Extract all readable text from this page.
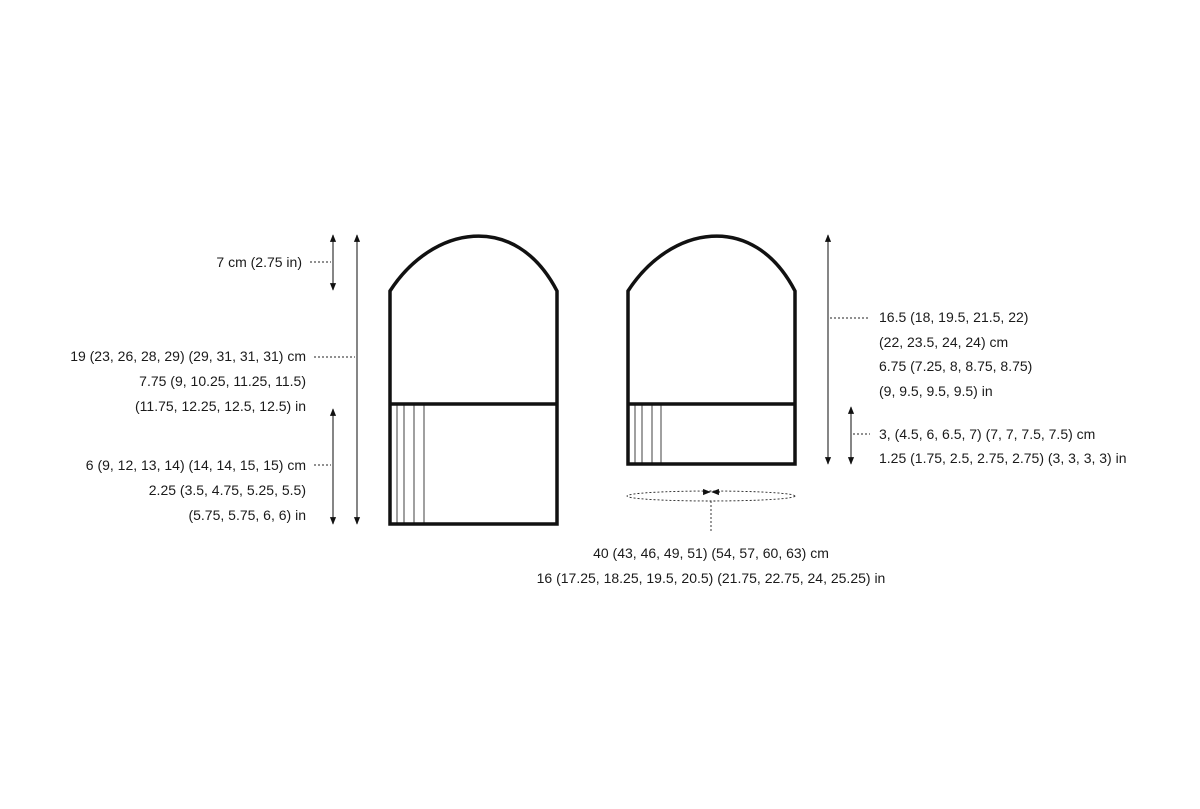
7 cm (2.75 in)
19 (23, 26, 28, 29) (29, 31, 31, 31) cm
7.75 (9, 10.25, 11.25, 11.5)
(11.75, 12.25, 12.5, 12.5) in
6 (9, 12, 13, 14) (14, 14, 15, 15) cm
2.25 (3.5, 4.75, 5.25, 5.5)
(5.75, 5.75, 6, 6) in
16.5 (18, 19.5, 21.5, 22)
(22, 23.5, 24, 24) cm
6.75 (7.25, 8, 8.75, 8.75)
(9, 9.5, 9.5, 9.5) in
3, (4.5, 6, 6.5, 7) (7, 7, 7.5, 7.5) cm
1.25 (1.75, 2.5, 2.75, 2.75) (3, 3, 3, 3) in
40 (43, 46, 49, 51) (54, 57, 60, 63) cm
16 (17.25, 18.25, 19.5, 20.5) (21.75, 22.75, 24, 25.25) in
